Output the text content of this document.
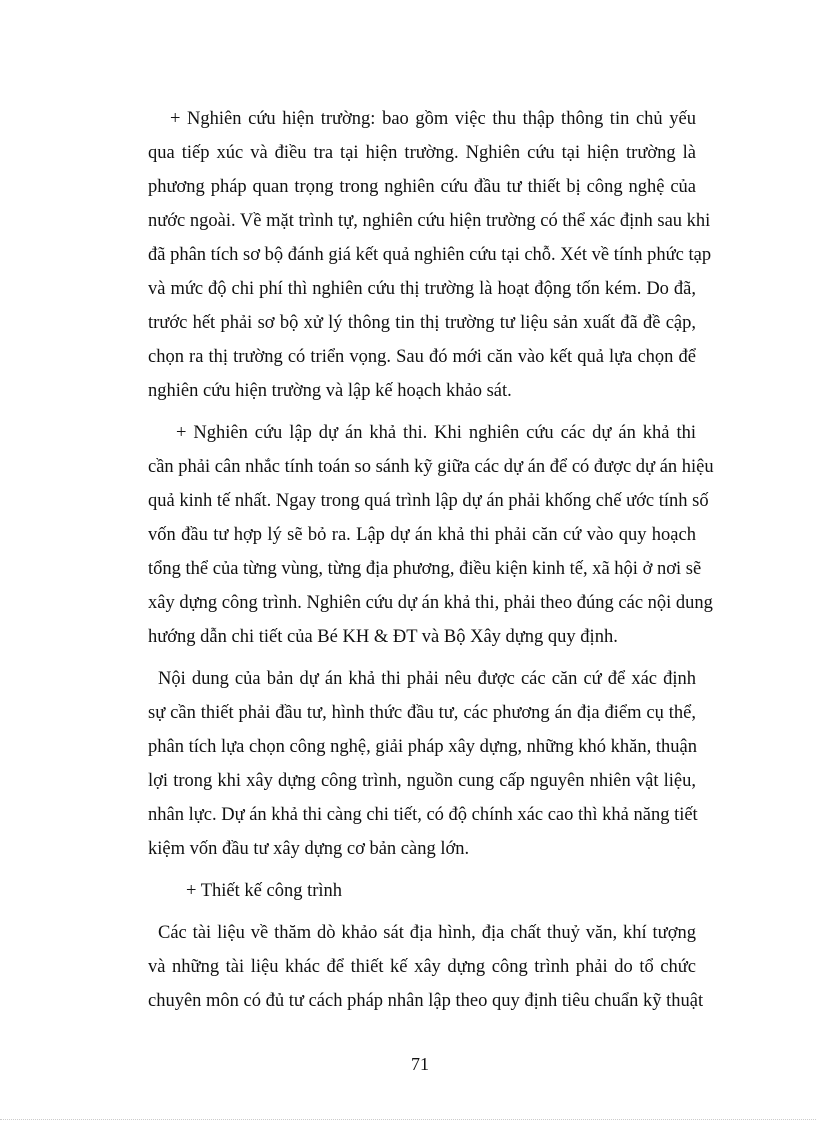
+ Nghiên cứu hiện trường: bao gồm việc thu thập thông tin chủ yếu
qua tiếp xúc và điều tra tại hiện trường. Nghiên cứu tại hiện trường là
phương pháp quan trọng trong nghiên cứu đầu tư thiết bị công nghệ của
nước ngoài. Về mặt trình tự, nghiên cứu hiện trường có thể xác định sau khi
đã phân tích sơ bộ đánh giá kết quả nghiên cứu tại chỗ. Xét về tính phức tạp
và mức độ chi phí thì nghiên cứu thị trường là hoạt động tốn kém. Do đã,
trước hết phải sơ bộ xử lý thông tin thị trường tư liệu sản xuất đã đề cập,
chọn ra thị trường có triển vọng. Sau đó mới căn vào kết quả lựa chọn để
nghiên cứu hiện trường và lập kế hoạch khảo sát.

+ Nghiên cứu lập dự án khả thi. Khi nghiên cứu các dự án khả thi
cần phải cân nhắc tính toán so sánh kỹ giữa các dự án để có được dự án hiệu
quả kinh tế nhất. Ngay trong quá trình lập dự án phải khống chế ước tính số
vốn đầu tư hợp lý sẽ bỏ ra. Lập dự án khả thi phải căn cứ vào quy hoạch
tổng thể của từng vùng, từng địa phương, điều kiện kinh tế, xã hội ở nơi sẽ
xây dựng công trình. Nghiên cứu dự án khả thi, phải theo đúng các nội dung
hướng dẫn chi tiết của Bé KH & ĐT và Bộ Xây dựng quy định.

Nội dung của bản dự án khả thi phải nêu được các căn cứ để xác định
sự cần thiết phải đầu tư, hình thức đầu tư, các phương án địa điểm cụ thể,
phân tích lựa chọn công nghệ, giải pháp xây dựng, những khó khăn, thuận
lợi trong khi xây dựng công trình, nguồn cung cấp nguyên nhiên vật liệu,
nhân lực. Dự án khả thi càng chi tiết, có độ chính xác cao thì khả năng tiết
kiệm vốn đầu tư xây dựng cơ bản càng lớn.

+ Thiết kế công trình

Các tài liệu về thăm dò khảo sát địa hình, địa chất thuỷ văn, khí tượng
và những tài liệu khác để thiết kế xây dựng công trình phải do tổ chức
chuyên môn có đủ tư cách pháp nhân lập theo quy định tiêu chuẩn kỹ thuật

71
